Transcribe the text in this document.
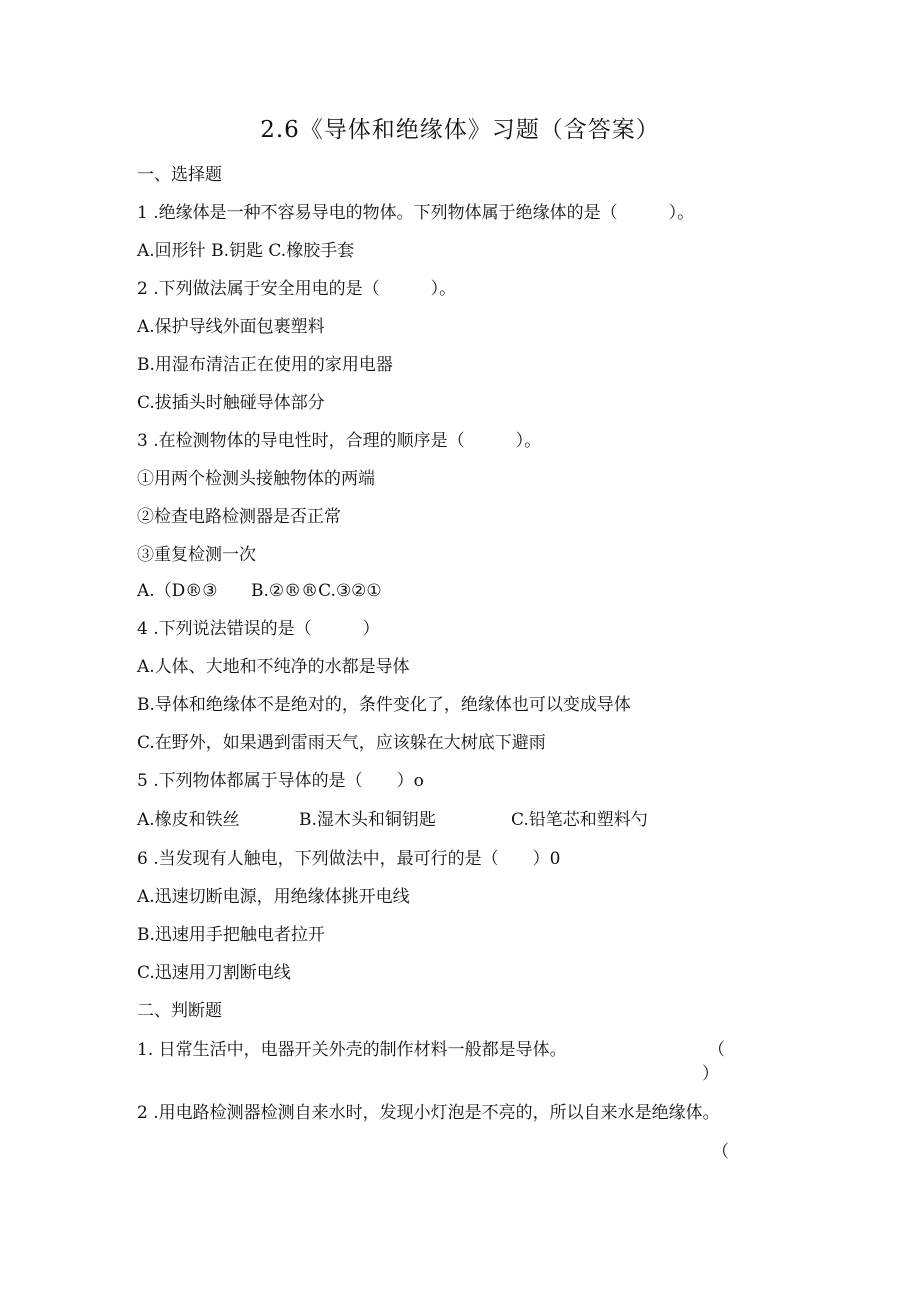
2.6《导体和绝缘体》习题（含答案）
一、选择题
1 .绝缘体是一种不容易导电的物体。下列物体属于绝缘体的是（　　　）。
A.回形针 B.钥匙 C.橡胶手套
2 .下列做法属于安全用电的是（　　　）。
A.保护导线外面包裹塑料
B.用湿布清洁正在使用的家用电器
C.拔插头时触碰导体部分
3 .在检测物体的导电性时，合理的顺序是（　　　）。
①用两个检测头接触物体的两端
②检查电路检测器是否正常
③重复检测一次
A.（D®③ B.②®®C.③②①
4 .下列说法错误的是（　　　）
A.人体、大地和不纯净的水都是导体
B.导体和绝缘体不是绝对的，条件变化了，绝缘体也可以变成导体
C.在野外，如果遇到雷雨天气，应该躲在大树底下避雨
5 .下列物体都属于导体的是（　　）o
A.橡皮和铁丝	B.湿木头和铜钥匙	C.铅笔芯和塑料勺
6 .当发现有人触电，下列做法中，最可行的是（　　）0
A.迅速切断电源，用绝缘体挑开电线
B.迅速用手把触电者拉开
C.迅速用刀割断电线
二、判断题
1. 日常生活中，电器开关外壳的制作材料一般都是导体。	（
）
2 .用电路检测器检测自来水时，发现小灯泡是不亮的，所以自来水是绝缘体。
（
